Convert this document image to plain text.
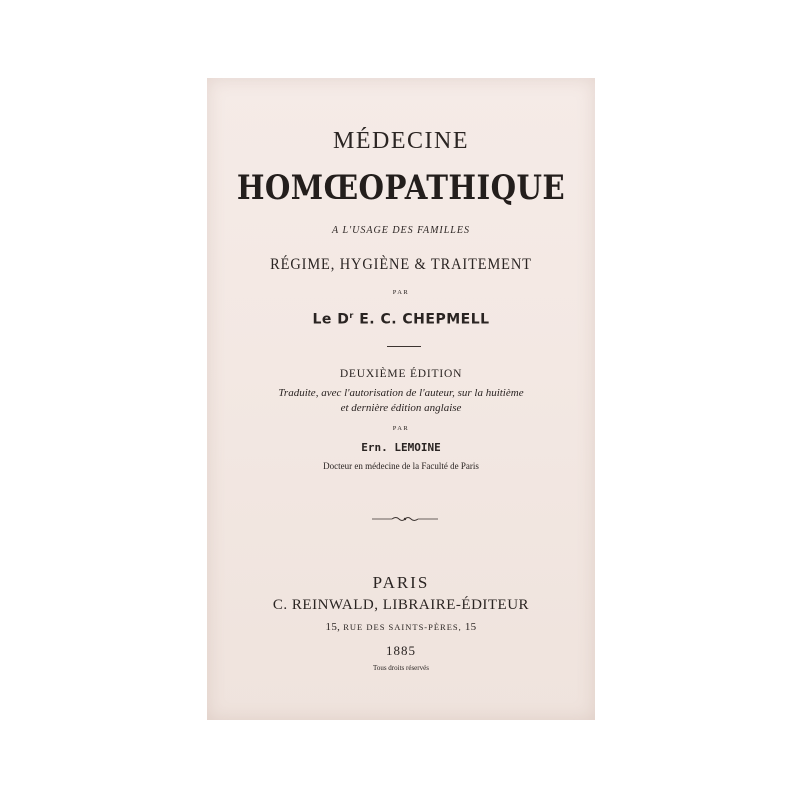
MÉDECINE
HOMŒOPATHIQUE
A L'USAGE DES FAMILLES
RÉGIME, HYGIÈNE & TRAITEMENT
PAR
Le $D^r$ E. C. CHEPMELL
DEUXIÈME ÉDITION
Traduite, avec l'autorisation de l'auteur, sur la huitième
et dernière édition anglaise
PAR
Ern. LEMOINE
Docteur en médecine de la Faculté de Paris
PARIS
C. REINWALD, LIBRAIRE-ÉDITEUR
15, RUE DES SAINTS-PÈRES, 15
1885
Tous droits réservés
